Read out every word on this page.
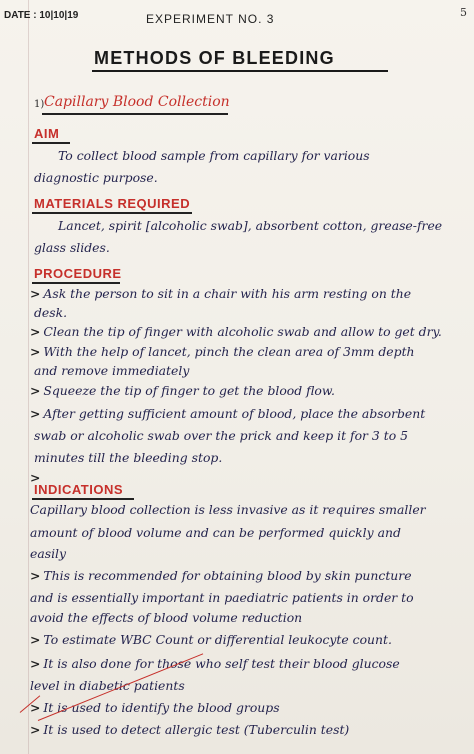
DATE : 10|10|19	EXPERIMENT NO. 3	5
METHODS OF BLEEDING
1) Capillary Blood Collection
AIM
To collect blood sample from capillary for various
diagnostic purpose.
MATERIALS REQUIRED
Lancet, spirit [alcoholic swab], absorbent cotton, grease-free
glass slides.
PROCEDURE
> Ask the person to sit in a chair with his arm resting on the
desk.
> Clean the tip of finger with alcoholic swab and allow to get dry.
> With the help of lancet, pinch the clean area of 3mm depth
and remove immediately
> Squeeze the tip of finger to get the blood flow.
> After getting sufficient amount of blood, place the absorbent
swab or alcoholic swab over the prick and keep it for 3 to 5
minutes till the bleeding stop.
>
INDICATIONS
Capillary blood collection is less invasive as it requires smaller
amount of blood volume and can be performed quickly and
easily
> This is recommended for obtaining blood by skin puncture
and is essentially important in paediatric patients in order to
avoid the effects of blood volume reduction
> To estimate WBC Count or differential leukocyte count.
> It is also done for those who self test their blood glucose
level in diabetic patients
> It is used to identify the blood groups
> It is used to detect allergic test (Tuberculin test)
